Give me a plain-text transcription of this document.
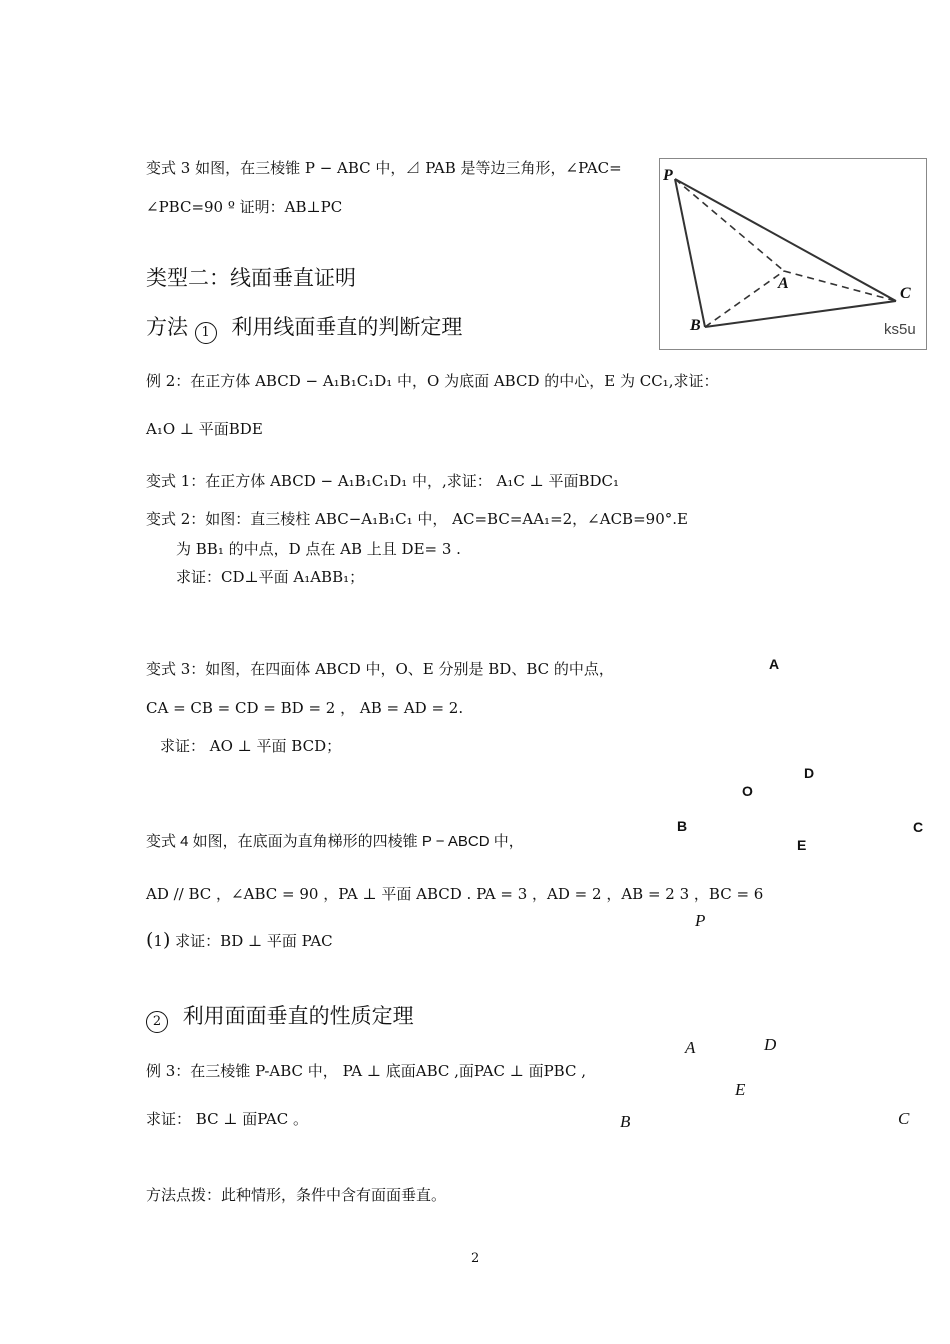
变式 3 如图，在三棱锥 P − ABC 中，⊿ PAB 是等边三角形，∠PAC=
∠PBC=90 º 证明：AB⊥PC
P
A
B
C
ks5u
类型二：线面垂直证明
方法 1 利用线面垂直的判断定理
例 2：在正方体 ABCD − A₁B₁C₁D₁ 中，O 为底面 ABCD 的中心，E 为 CC₁,求证：
A₁O ⊥ 平面BDE
变式 1：在正方体 ABCD − A₁B₁C₁D₁ 中，,求证： A₁C ⊥ 平面BDC₁
变式 2：如图：直三棱柱 ABC−A₁B₁C₁ 中， AC=BC=AA₁=2，∠ACB=90°.E
为 BB₁ 的中点，D 点在 AB 上且 DE= 3 .
求证：CD⊥平面 A₁ABB₁；
变式 3：如图，在四面体 ABCD 中，O、E 分别是 BD、BC 的中点，
CA = CB = CD = BD = 2 ， AB = AD = 2.
求证： AO ⊥ 平面 BCD；
A
D
O
B
E
C
变式 4 如图，在底面为直角梯形的四棱锥 P − ABCD 中，
AD // BC ，∠ABC = 90 ，PA ⊥ 平面 ABCD . PA = 3 ，AD = 2 ，AB = 2 3 ，BC = 6
(1) 求证：BD ⊥ 平面 PAC
P
A	D
E
B	C
2 利用面面垂直的性质定理
例 3：在三棱锥 P-ABC 中， PA ⊥ 底面ABC ,面PAC ⊥ 面PBC ,
求证： BC ⊥ 面PAC 。
方法点拨：此种情形，条件中含有面面垂直。
2
